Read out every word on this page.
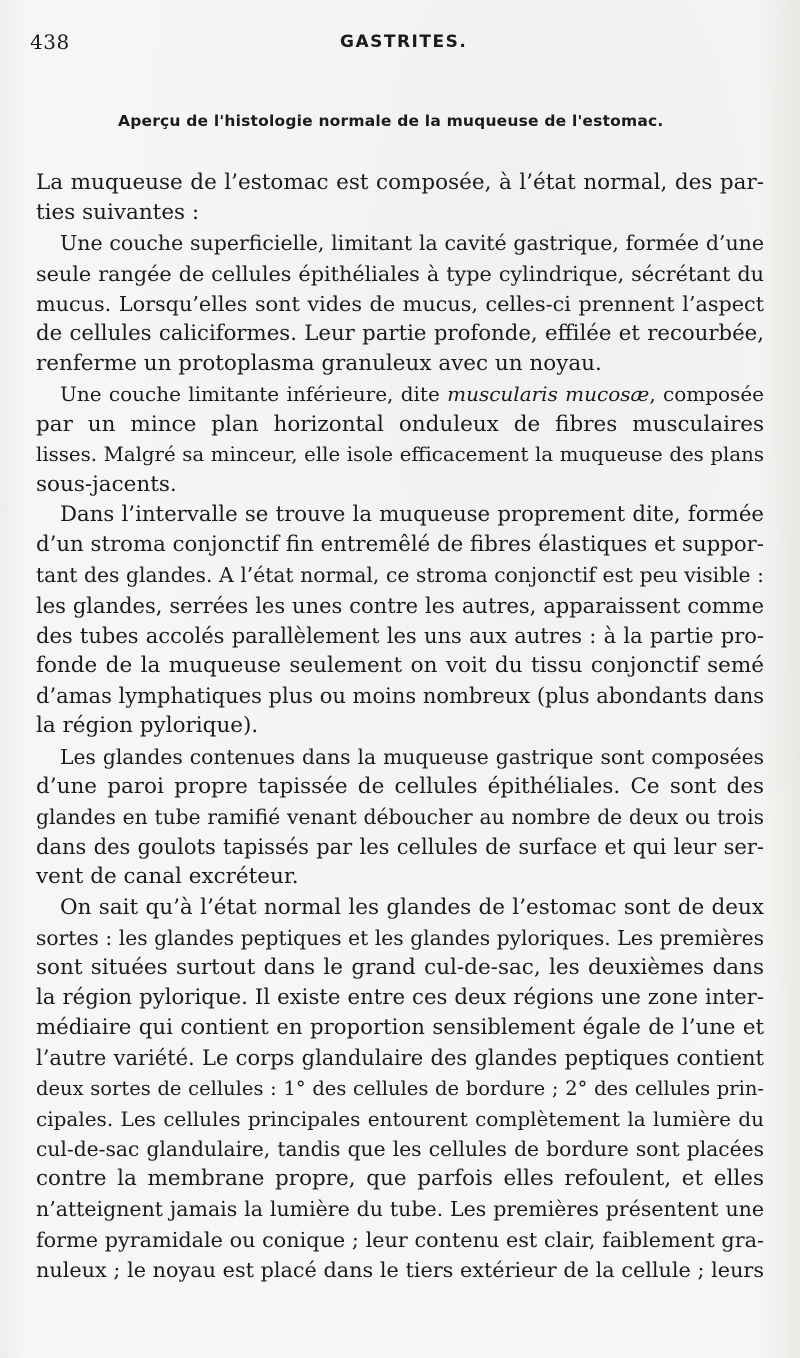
438	GASTRITES.
Aperçu de l'histologie normale de la muqueuse de l'estomac.
La muqueuse de l’estomac est composée, à l’état normal, des par-
ties suivantes :
Une couche superficielle, limitant la cavité gastrique, formée d’une
seule rangée de cellules épithéliales à type cylindrique, sécrétant du
mucus. Lorsqu’elles sont vides de mucus, celles-ci prennent l’aspect
de cellules caliciformes. Leur partie profonde, effilée et recourbée,
renferme un protoplasma granuleux avec un noyau.
Une couche limitante inférieure, dite muscularis mucosæ, composée
par un mince plan horizontal onduleux de fibres musculaires
lisses. Malgré sa minceur, elle isole efficacement la muqueuse des plans
sous-jacents.
Dans l’intervalle se trouve la muqueuse proprement dite, formée
d’un stroma conjonctif fin entremêlé de fibres élastiques et suppor-
tant des glandes. A l’état normal, ce stroma conjonctif est peu visible :
les glandes, serrées les unes contre les autres, apparaissent comme
des tubes accolés parallèlement les uns aux autres : à la partie pro-
fonde de la muqueuse seulement on voit du tissu conjonctif semé
d’amas lymphatiques plus ou moins nombreux (plus abondants dans
la région pylorique).
Les glandes contenues dans la muqueuse gastrique sont composées
d’une paroi propre tapissée de cellules épithéliales. Ce sont des
glandes en tube ramifié venant déboucher au nombre de deux ou trois
dans des goulots tapissés par les cellules de surface et qui leur ser-
vent de canal excréteur.
On sait qu’à l’état normal les glandes de l’estomac sont de deux
sortes : les glandes peptiques et les glandes pyloriques. Les premières
sont situées surtout dans le grand cul-de-sac, les deuxièmes dans
la région pylorique. Il existe entre ces deux régions une zone inter-
médiaire qui contient en proportion sensiblement égale de l’une et
l’autre variété. Le corps glandulaire des glandes peptiques contient
deux sortes de cellules : 1° des cellules de bordure ; 2° des cellules prin-
cipales. Les cellules principales entourent complètement la lumière du
cul-de-sac glandulaire, tandis que les cellules de bordure sont placées
contre la membrane propre, que parfois elles refoulent, et elles
n’atteignent jamais la lumière du tube. Les premières présentent une
forme pyramidale ou conique ; leur contenu est clair, faiblement gra-
nuleux ; le noyau est placé dans le tiers extérieur de la cellule ; leurs
